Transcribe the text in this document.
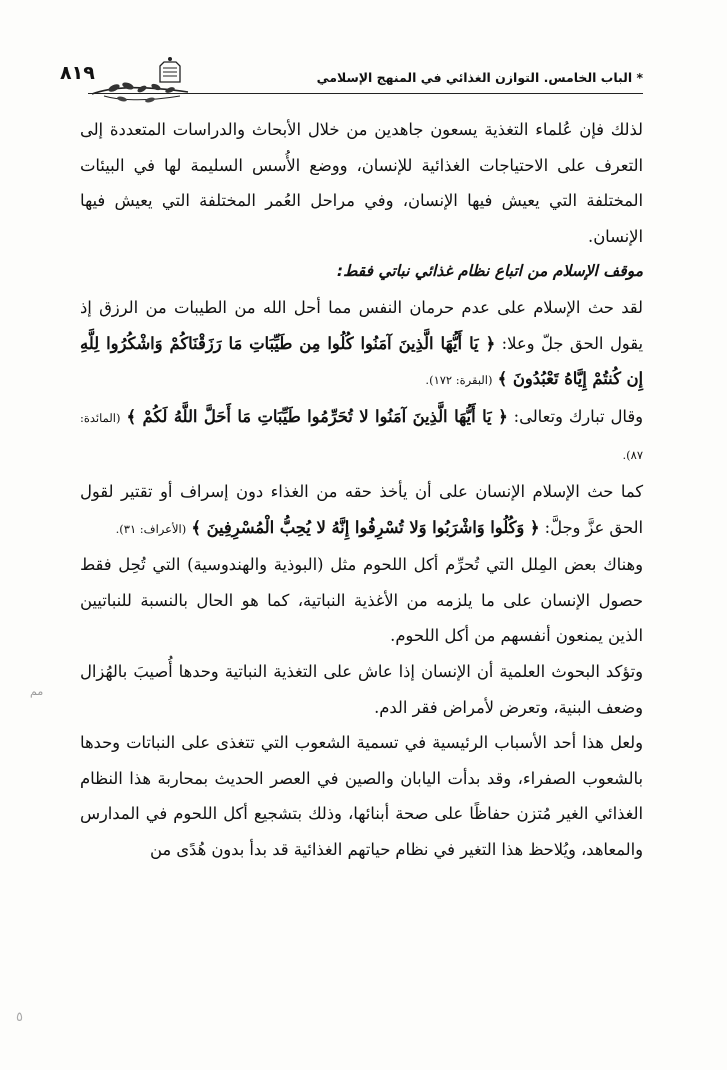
* الباب الخامس. التوازن الغذائي في المنهج الإسلامي
٨١٩

لذلك فإن عُلماء التغذية يسعون جاهدين من خلال الأبحاث والدراسات المتعددة إلى التعرف على الاحتياجات الغذائية للإنسان، ووضع الأُسس السليمة لها في البيئات المختلفة التي يعيش فيها الإنسان، وفي مراحل العُمر المختلفة التي يعيش فيها الإنسان.

موقف الإسلام من اتباع نظام غذائي نباتي فقط:

لقد حث الإسلام على عدم حرمان النفس مما أحل الله من الطيبات من الرزق إذ يقول الحق جلّ وعلا: ﴿ يَا أَيُّهَا الَّذِينَ آمَنُوا كُلُوا مِن طَيِّبَاتِ مَا رَزَقْنَاكُمْ وَاشْكُرُوا لِلَّهِ إِن كُنتُمْ إِيَّاهُ تَعْبُدُونَ ﴾ (البقرة: ١٧٢).

وقال تبارك وتعالى: ﴿ يَا أَيُّهَا الَّذِينَ آمَنُوا لا تُحَرِّمُوا طَيِّبَاتِ مَا أَحَلَّ اللَّهُ لَكُمْ ﴾ (المائدة: ٨٧).

كما حث الإسلام الإنسان على أن يأخذ حقه من الغذاء دون إسراف أو تقتير لقول الحق عزَّ وجلَّ: ﴿ وَكُلُوا وَاشْرَبُوا وَلا تُسْرِفُوا إِنَّهُ لا يُحِبُّ الْمُسْرِفِينَ ﴾ (الأعراف: ٣١).

وهناك بعض المِلل التي تُحرِّم أكل اللحوم مثل (البوذية والهندوسية) التي تُحِل فقط حصول الإنسان على ما يلزمه من الأغذية النباتية، كما هو الحال بالنسبة للنباتيين الذين يمنعون أنفسهم من أكل اللحوم.

وتؤكد البحوث العلمية أن الإنسان إذا عاش على التغذية النباتية وحدها أُصيبَ بالهُزال وضعف البنية، وتعرض لأمراض فقر الدم.

ولعل هذا أحد الأسباب الرئيسية في تسمية الشعوب التي تتغذى على النباتات وحدها بالشعوب الصفراء، وقد بدأت اليابان والصين في العصر الحديث بمحاربة هذا النظام الغذائي الغير مُتزن حفاظًا على صحة أبنائها، وذلك بتشجيع أكل اللحوم في المدارس والمعاهد، ويُلاحظ هذا التغير في نظام حياتهم الغذائية قد بدأ بدون هُدًى من

مم
٥
